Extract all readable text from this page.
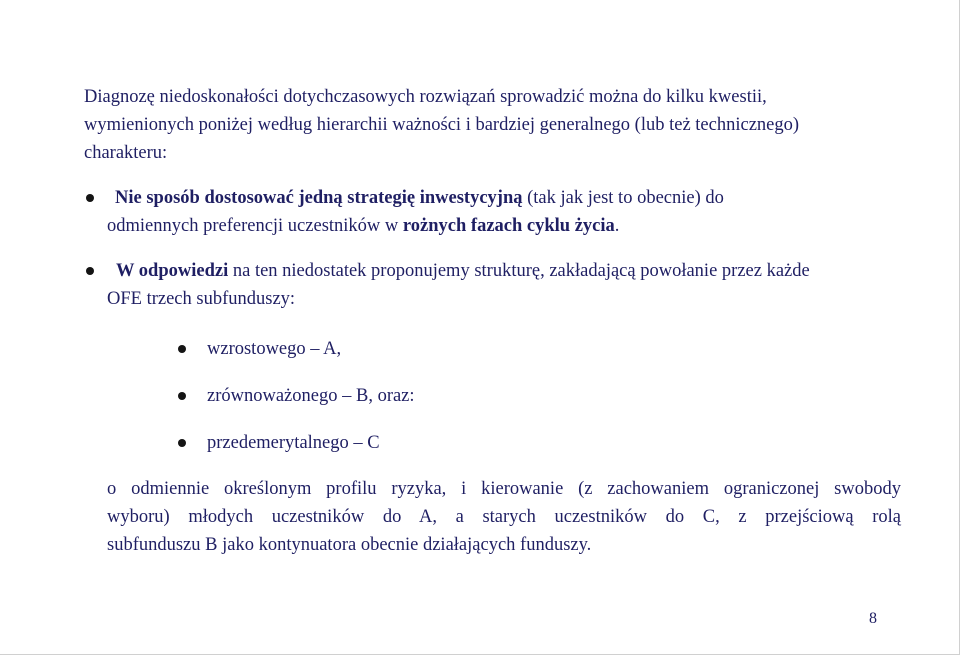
Diagnozę niedoskonałości dotychczasowych rozwiązań sprowadzić można do kilku kwestii,
wymienionych poniżej według hierarchii ważności i bardziej generalnego (lub też technicznego)
charakteru:
Nie sposób dostosować jedną strategię inwestycyjną (tak jak jest to obecnie) do
odmiennych preferencji uczestników w rożnych fazach cyklu życia.
W odpowiedzi na ten niedostatek proponujemy strukturę, zakładającą powołanie przez każde
OFE trzech subfunduszy:
wzrostowego – A,
zrównoważonego – B, oraz:
przedemerytalnego – C
o odmiennie określonym profilu ryzyka, i kierowanie (z zachowaniem ograniczonej swobody
wyboru) młodych uczestników do A, a starych uczestników do C, z przejściową rolą
subfunduszu B jako kontynuatora obecnie działających funduszy.
8
